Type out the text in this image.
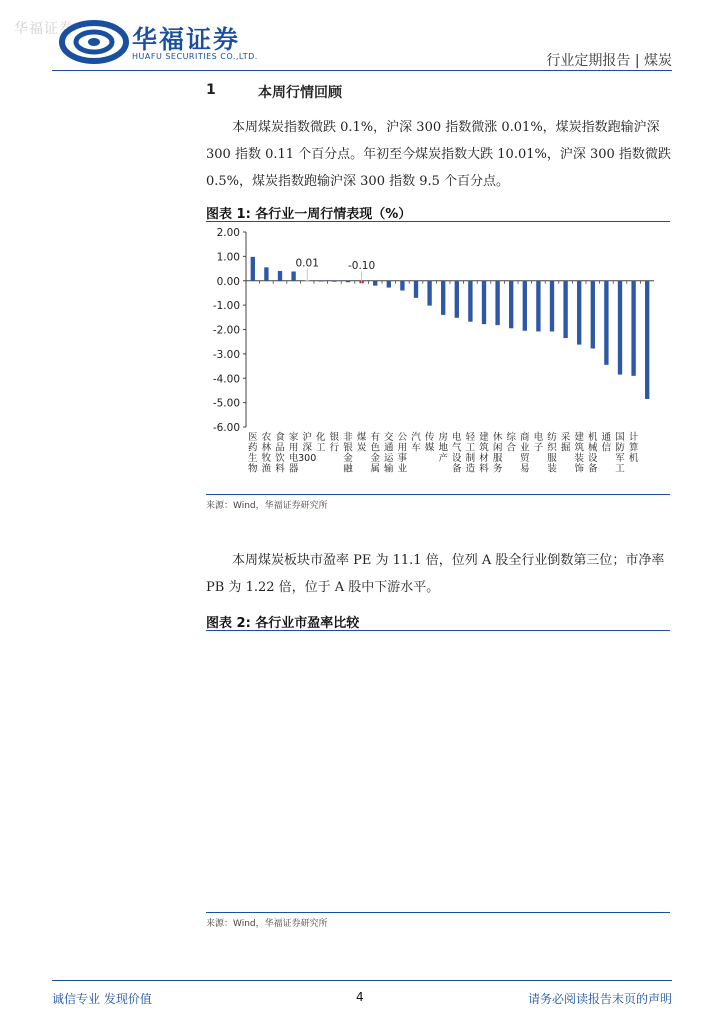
华福证券 华福证券
HUAFU SECURITIES CO.,LTD.	行业定期报告 | 煤炭
1	本周行情回顾
本周煤炭指数微跌 0.1%，沪深 300 指数微涨 0.01%，煤炭指数跑输沪深 300 指数 0.11 个百分点。年初至今煤炭指数大跌 10.01%，沪深 300 指数微跌 0.5%，煤炭指数跑输沪深 300 指数 9.5 个百分点。
图表 1: 各行业一周行情表现（%）
2.00
1.00
0.00
-1.00
-2.00
-3.00
-4.00
-5.00
-6.00
医药生物
农林牧渔
食品饮料
家用电器
0.01
沪深 300
化工
银行
非银金融
-0.10
煤炭
有色金属
交通运输
公用事业
汽车
传媒
房地产
电气设备
轻工制造
建筑材料
休闲服务
综合
商业贸易
电子
纺织服装
采掘
建筑装饰
机械设备
通信
国防军工
计算机
来源：Wind，华福证券研究所
本周煤炭板块市盈率 PE 为 11.1 倍，位列 A 股全行业倒数第三位；市净率 PB 为 1.22 倍，位于 A 股中下游水平。
图表 2: 各行业市盈率比较
来源：Wind，华福证券研究所
诚信专业 发现价值	4	请务必阅读报告末页的声明
